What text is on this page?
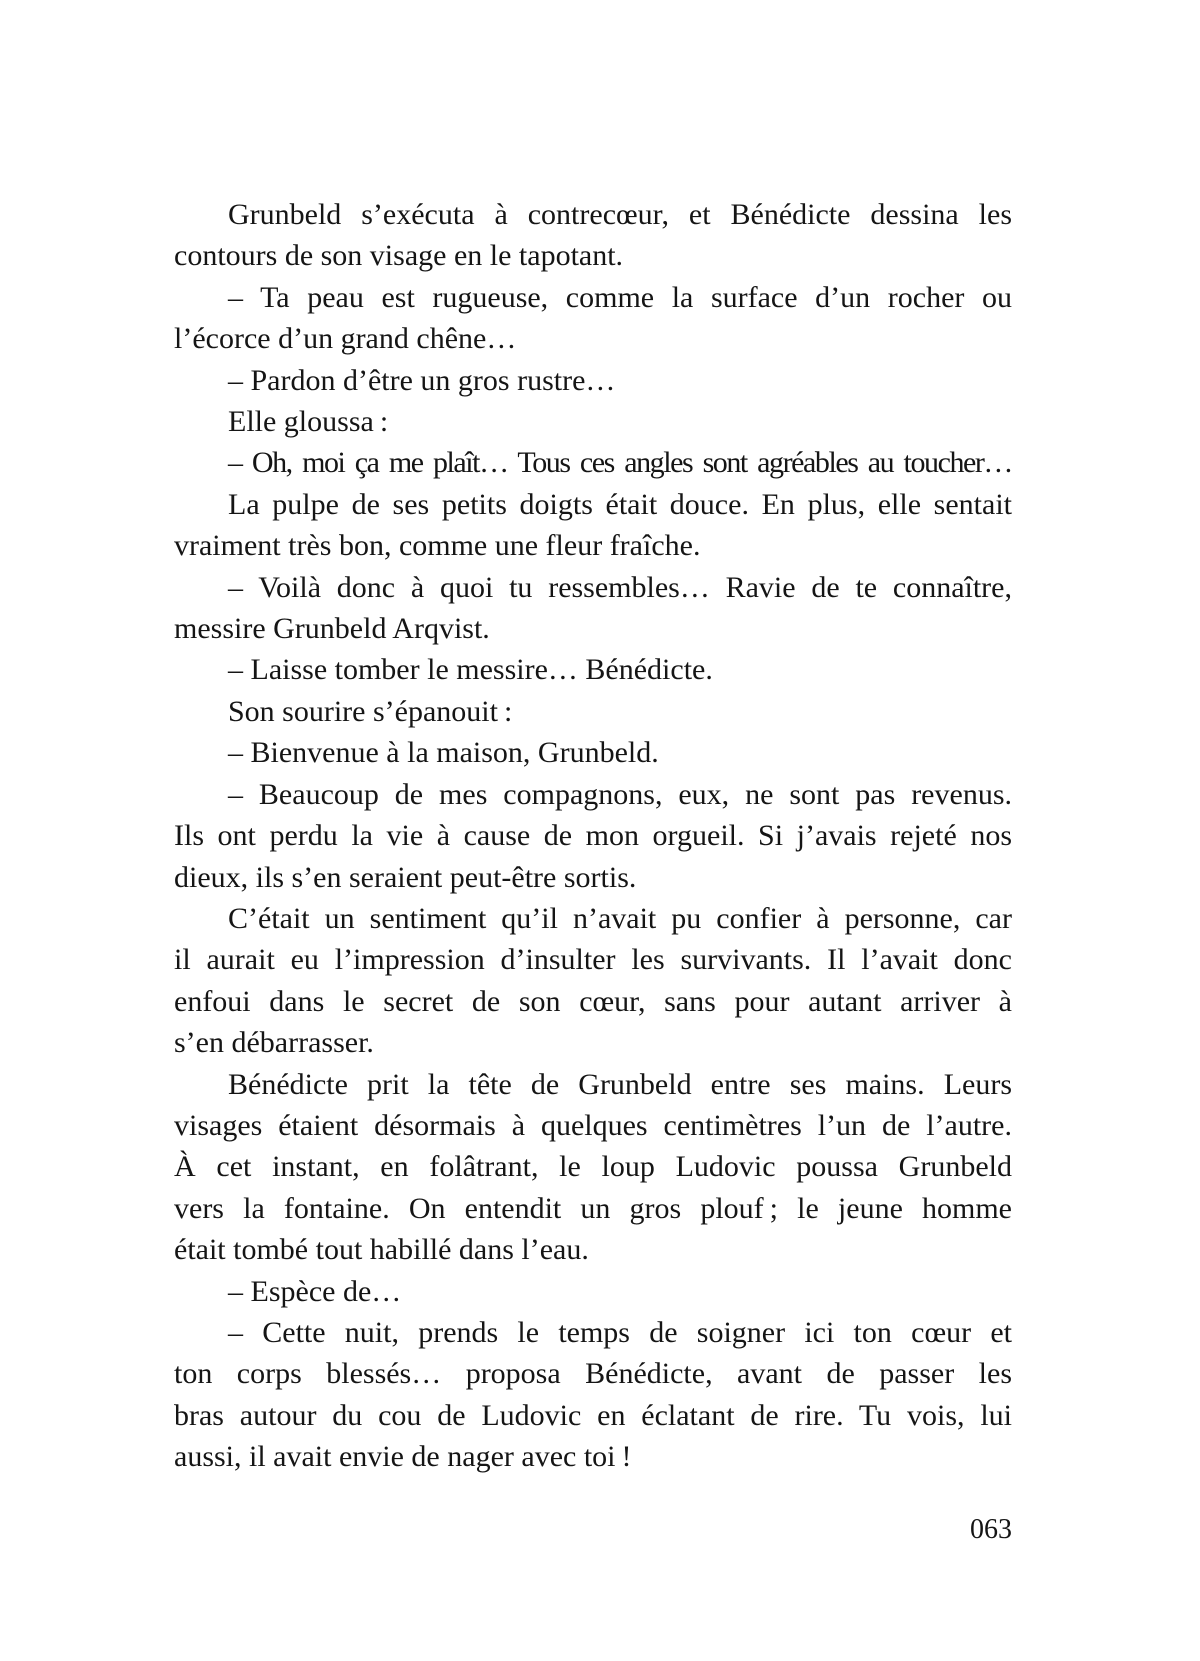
Grunbeld s’exécuta à contrecœur, et Bénédicte dessina les
contours de son visage en le tapotant.
– Ta peau est rugueuse, comme la surface d’un rocher ou
l’écorce d’un grand chêne…
– Pardon d’être un gros rustre…
Elle gloussa :
– Oh, moi ça me plaît… Tous ces angles sont agréables au toucher…
La pulpe de ses petits doigts était douce. En plus, elle sentait
vraiment très bon, comme une fleur fraîche.
– Voilà donc à quoi tu ressembles… Ravie de te connaître,
messire Grunbeld Arqvist.
– Laisse tomber le messire… Bénédicte.
Son sourire s’épanouit :
– Bienvenue à la maison, Grunbeld.
– Beaucoup de mes compagnons, eux, ne sont pas revenus.
Ils ont perdu la vie à cause de mon orgueil. Si j’avais rejeté nos
dieux, ils s’en seraient peut-être sortis.
C’était un sentiment qu’il n’avait pu confier à personne, car
il aurait eu l’impression d’insulter les survivants. Il l’avait donc
enfoui dans le secret de son cœur, sans pour autant arriver à
s’en débarrasser.
Bénédicte prit la tête de Grunbeld entre ses mains. Leurs
visages étaient désormais à quelques centimètres l’un de l’autre.
À cet instant, en folâtrant, le loup Ludovic poussa Grunbeld
vers la fontaine. On entendit un gros plouf ; le jeune homme
était tombé tout habillé dans l’eau.
– Espèce de…
– Cette nuit, prends le temps de soigner ici ton cœur et
ton corps blessés… proposa Bénédicte, avant de passer les
bras autour du cou de Ludovic en éclatant de rire. Tu vois, lui
aussi, il avait envie de nager avec toi !
063
